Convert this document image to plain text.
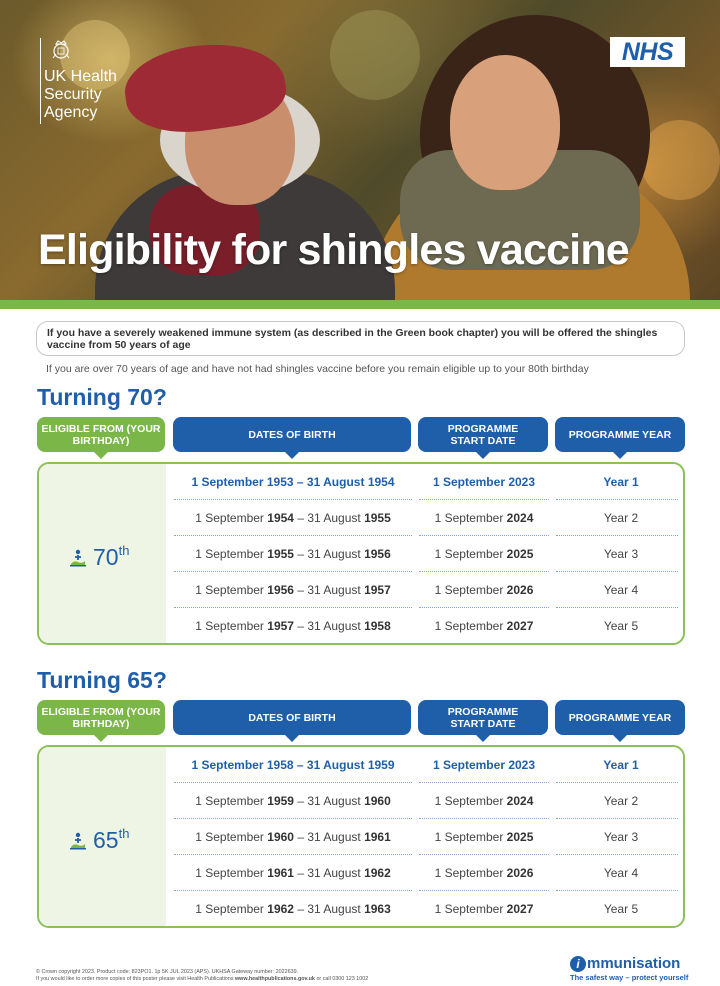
UK Health
Security
Agency
NHS
Eligibility for shingles vaccine
If you have a severely weakened immune system (as described in the Green book chapter) you will be offered the shingles vaccine from 50 years of age
If you are over 70 years of age and have not had shingles vaccine before you remain eligible up to your 80th birthday
Turning 70?
ELIGIBLE FROM (YOUR BIRTHDAY)	DATES OF BIRTH	PROGRAMME START DATE	PROGRAMME YEAR
70 th
1 September 1953 – 31 August 1954	1 September 2023	Year 1
1 September 1954 – 31 August 1955	1 September 2024	Year 2
1 September 1955 – 31 August 1956	1 September 2025	Year 3
1 September 1956 – 31 August 1957	1 September 2026	Year 4
1 September 1957 – 31 August 1958	1 September 2027	Year 5
Turning 65?
ELIGIBLE FROM (YOUR BIRTHDAY)	DATES OF BIRTH	PROGRAMME START DATE	PROGRAMME YEAR
65 th
1 September 1958 – 31 August 1959	1 September 2023	Year 1
1 September 1959 – 31 August 1960	1 September 2024	Year 2
1 September 1960 – 31 August 1961	1 September 2025	Year 3
1 September 1961 – 31 August 1962	1 September 2026	Year 4
1 September 1962 – 31 August 1963	1 September 2027	Year 5
© Crown copyright 2023. Product code: 823PO1. 1p 5K JUL 2023 (APS). UKHSA Gateway number: 2022639.
If you would like to order more copies of this poster please visit Health Publications www.healthpublications.gov.uk or call 0300 123 1002
i mmunisation
The safest way – protect yourself
